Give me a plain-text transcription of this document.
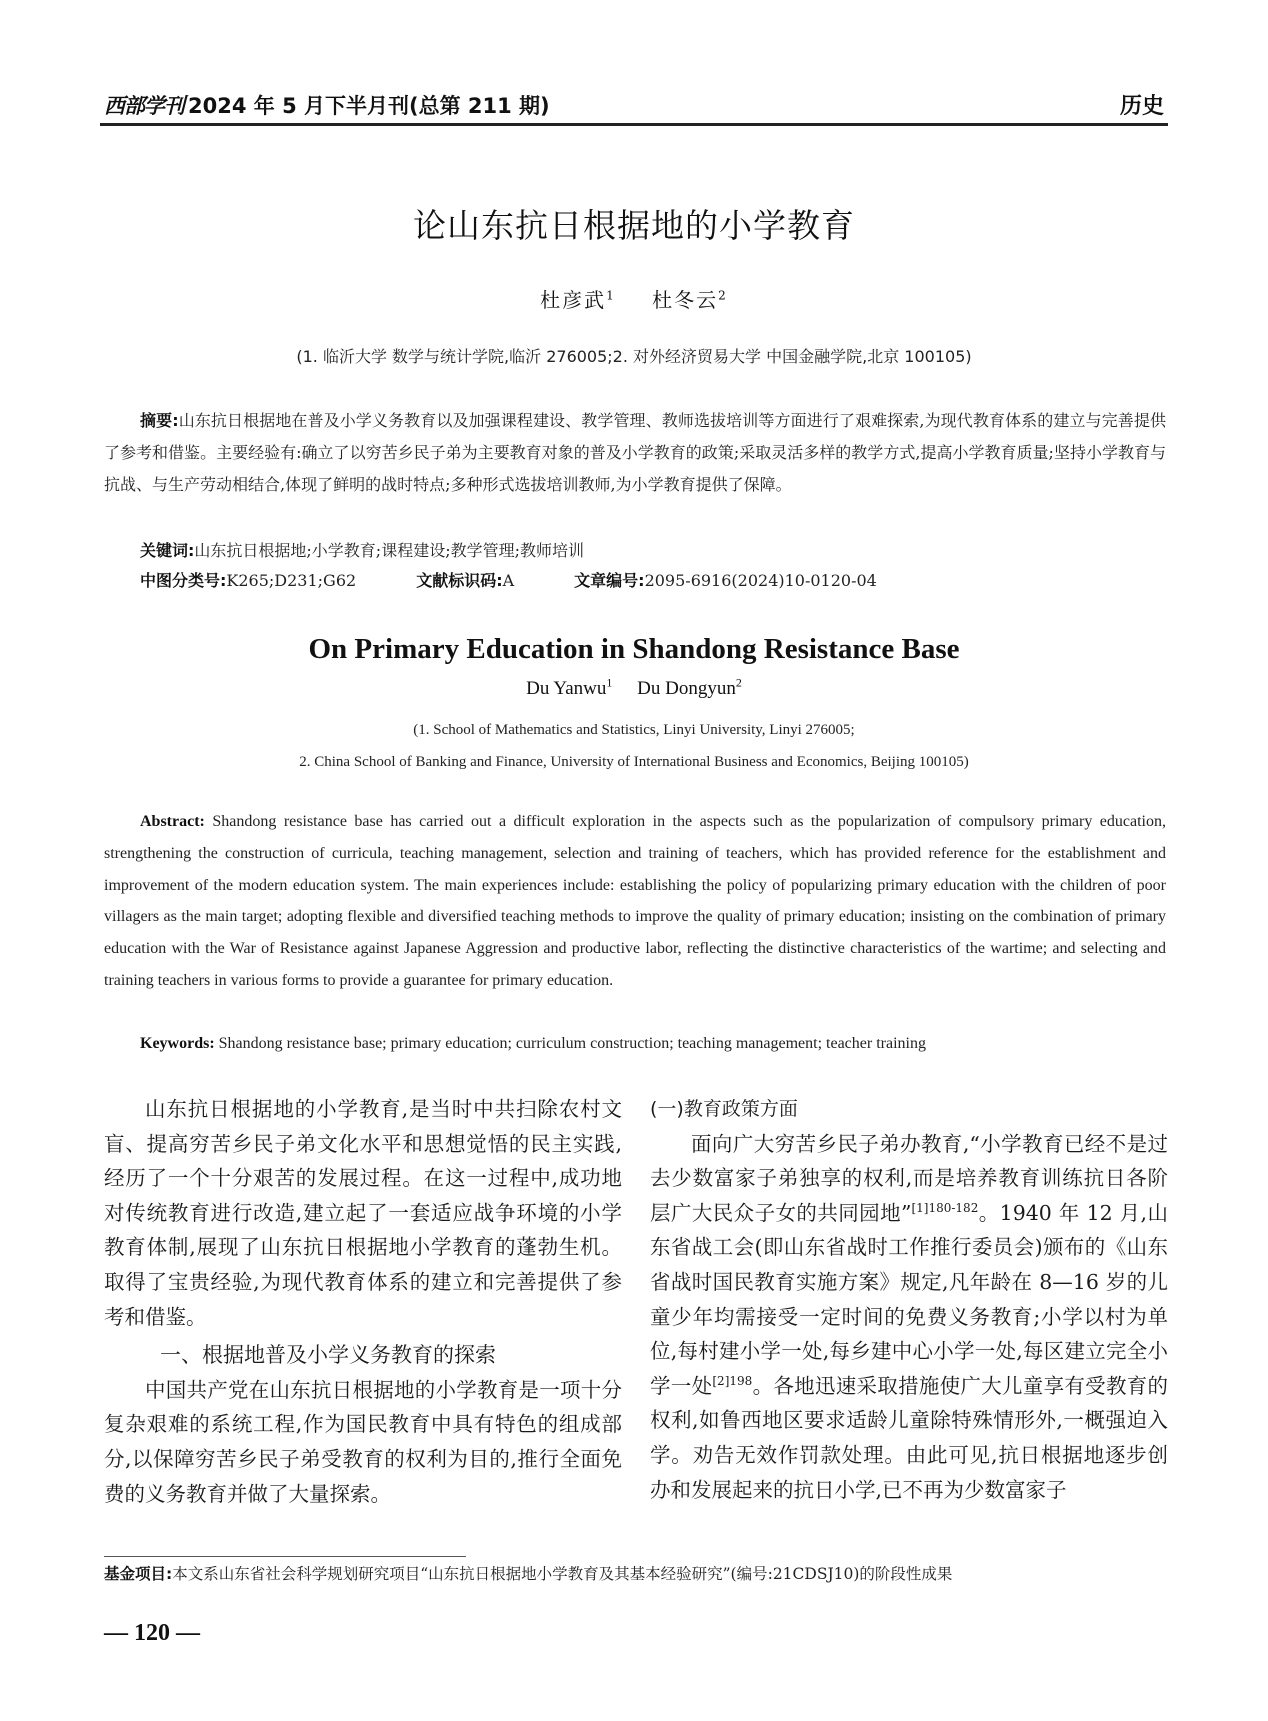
西部学刊 2024 年 5 月下半月刊(总第 211 期)	历史
论山东抗日根据地的小学教育
杜彦武$^1$ 杜冬云$^2$
(1. 临沂大学 数学与统计学院,临沂 276005;2. 对外经济贸易大学 中国金融学院,北京 100105)
摘要:山东抗日根据地在普及小学义务教育以及加强课程建设、教学管理、教师选拔培训等方面进行了艰难探索,为现代教育体系的建立与完善提供了参考和借鉴。主要经验有:确立了以穷苦乡民子弟为主要教育对象的普及小学教育的政策;采取灵活多样的教学方式,提高小学教育质量;坚持小学教育与抗战、与生产劳动相结合,体现了鲜明的战时特点;多种形式选拔培训教师,为小学教育提供了保障。
关键词:山东抗日根据地;小学教育;课程建设;教学管理;教师培训
中图分类号:K265;D231;G62	文献标识码:A	文章编号:2095-6916(2024)10-0120-04
On Primary Education in Shandong Resistance Base
Du Yanwu$^1$ Du Dongyun$^2$
(1. School of Mathematics and Statistics, Linyi University, Linyi 276005;
2. China School of Banking and Finance, University of International Business and Economics, Beijing 100105)
Abstract: Shandong resistance base has carried out a difficult exploration in the aspects such as the popularization of compulsory primary education, strengthening the construction of curricula, teaching management, selection and training of teachers, which has provided reference for the establishment and improvement of the modern education system. The main experiences include: establishing the policy of popularizing primary education with the children of poor villagers as the main target; adopting flexible and diversified teaching methods to improve the quality of primary education; insisting on the combination of primary education with the War of Resistance against Japanese Aggression and productive labor, reflecting the distinctive characteristics of the wartime; and selecting and training teachers in various forms to provide a guarantee for primary education.
Keywords: Shandong resistance base; primary education; curriculum construction; teaching management; teacher training

山东抗日根据地的小学教育,是当时中共扫除农村文盲、提高穷苦乡民子弟文化水平和思想觉悟的民主实践,经历了一个十分艰苦的发展过程。在这一过程中,成功地对传统教育进行改造,建立起了一套适应战争环境的小学教育体制,展现了山东抗日根据地小学教育的蓬勃生机。取得了宝贵经验,为现代教育体系的建立和完善提供了参考和借鉴。

一、根据地普及小学义务教育的探索

中国共产党在山东抗日根据地的小学教育是一项十分复杂艰难的系统工程,作为国民教育中具有特色的组成部分,以保障穷苦乡民子弟受教育的权利为目的,推行全面免费的义务教育并做了大量探索。

(一)教育政策方面

面向广大穷苦乡民子弟办教育,“小学教育已经不是过去少数富家子弟独享的权利,而是培养教育训练抗日各阶层广大民众子女的共同园地”$^{[1]180-182}$。1940 年 12 月,山东省战工会(即山东省战时工作推行委员会)颁布的《山东省战时国民教育实施方案》规定,凡年龄在 8—16 岁的儿童少年均需接受一定时间的免费义务教育;小学以村为单位,每村建小学一处,每乡建中心小学一处,每区建立完全小学一处$^{[2]198}$。各地迅速采取措施使广大儿童享有受教育的权利,如鲁西地区要求适龄儿童除特殊情形外,一概强迫入学。劝告无效作罚款处理。由此可见,抗日根据地逐步创办和发展起来的抗日小学,已不再为少数富家子

基金项目:本文系山东省社会科学规划研究项目“山东抗日根据地小学教育及其基本经验研究”(编号:21CDSJ10)的阶段性成果
— 120 —
